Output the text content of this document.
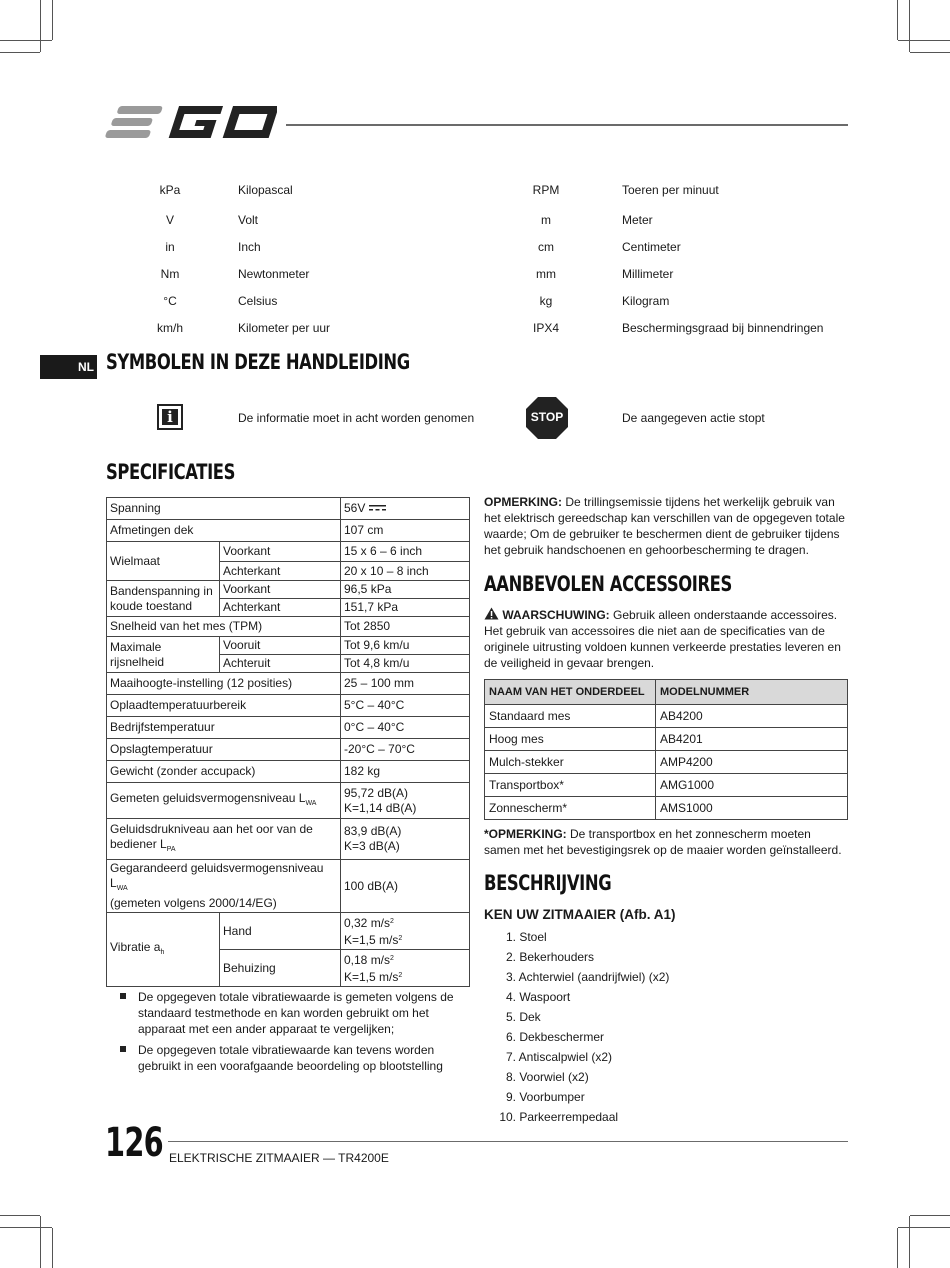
kPa	Kilopascal	RPM	Toeren per minuut
V	Volt	m	Meter
in	Inch	cm	Centimeter
Nm	Newtonmeter	mm	Millimeter
°C	Celsius	kg	Kilogram
km/h	Kilometer per uur	IPX4	Beschermingsgraad bij binnendringen
NL SYMBOLEN IN DEZE HANDLEIDING
i	De informatie moet in acht worden genomen	STOP	De aangegeven actie stopt
SPECIFICATIES
Spanning		56V
Afmetingen dek		107 cm
Wielmaat	Voorkant	15 x 6 – 6 inch
	Achterkant	20 x 10 – 8 inch
Bandenspanning in koude toestand	Voorkant	96,5 kPa
	Achterkant	151,7 kPa
Snelheid van het mes (TPM)		Tot 2850
Maximale rijsnelheid	Vooruit	Tot 9,6 km/u
	Achteruit	Tot 4,8 km/u
Maaihoogte-instelling (12 posities)		25 – 100 mm
Oplaadtemperatuurbereik		5°C – 40°C
Bedrijfstemperatuur		0°C – 40°C
Opslagtemperatuur		-20°C – 70°C
Gewicht (zonder accupack)		182 kg
Gemeten geluidsvermogensniveau $L_{WA}$		95,72 dB(A)
K=1,14 dB(A)

Geluidsdrukniveau aan het oor van de bediener $L_{PA}$		83,9 dB(A)
K=3 dB(A)

Gegarandeerd geluidsvermogensniveau $L_{WA}$
(gemeten volgens 2000/14/EG)		100 dB(A)
Vibratie $a_h$	Hand	0,32 $m/s^2$
K=1,5 $m/s^2$

	Behuizing	0,18 $m/s^2$
K=1,5 $m/s^2$
De opgegeven totale vibratiewaarde is gemeten volgens de standaard testmethode en kan worden gebruikt om het apparaat met een ander apparaat te vergelijken;
De opgegeven totale vibratiewaarde kan tevens worden gebruikt in een voorafgaande beoordeling op blootstelling
OPMERKING: De trillingsemissie tijdens het werkelijk gebruik van het elektrisch gereedschap kan verschillen van de opgegeven totale waarde; Om de gebruiker te beschermen dient de gebruiker tijdens het gebruik handschoenen en gehoorbescherming te dragen.
AANBEVOLEN ACCESSOIRES
WAARSCHUWING: Gebruik alleen onderstaande accessoires. Het gebruik van accessoires die niet aan de specificaties van de originele uitrusting voldoen kunnen verkeerde prestaties leveren en de veiligheid in gevaar brengen.
NAAM VAN HET ONDERDEEL	MODELNUMMER
Standaard mes	AB4200
Hoog mes	AB4201
Mulch-stekker	AMP4200
Transportbox*	AMG1000
Zonnescherm*	AMS1000
*OPMERKING: De transportbox en het zonnescherm moeten samen met het bevestigingsrek op de maaier worden geïnstalleerd.
BESCHRIJVING
KEN UW ZITMAAIER (Afb. A1)
1. Stoel
2. Bekerhouders
3. Achterwiel (aandrijfwiel) (x2)
4. Waspoort
5. Dek
6. Dekbeschermer
7. Antiscalpwiel (x2)
8. Voorwiel (x2)
9. Voorbumper
10. Parkeerrempedaal
126 ELEKTRISCHE ZITMAAIER — TR4200E
